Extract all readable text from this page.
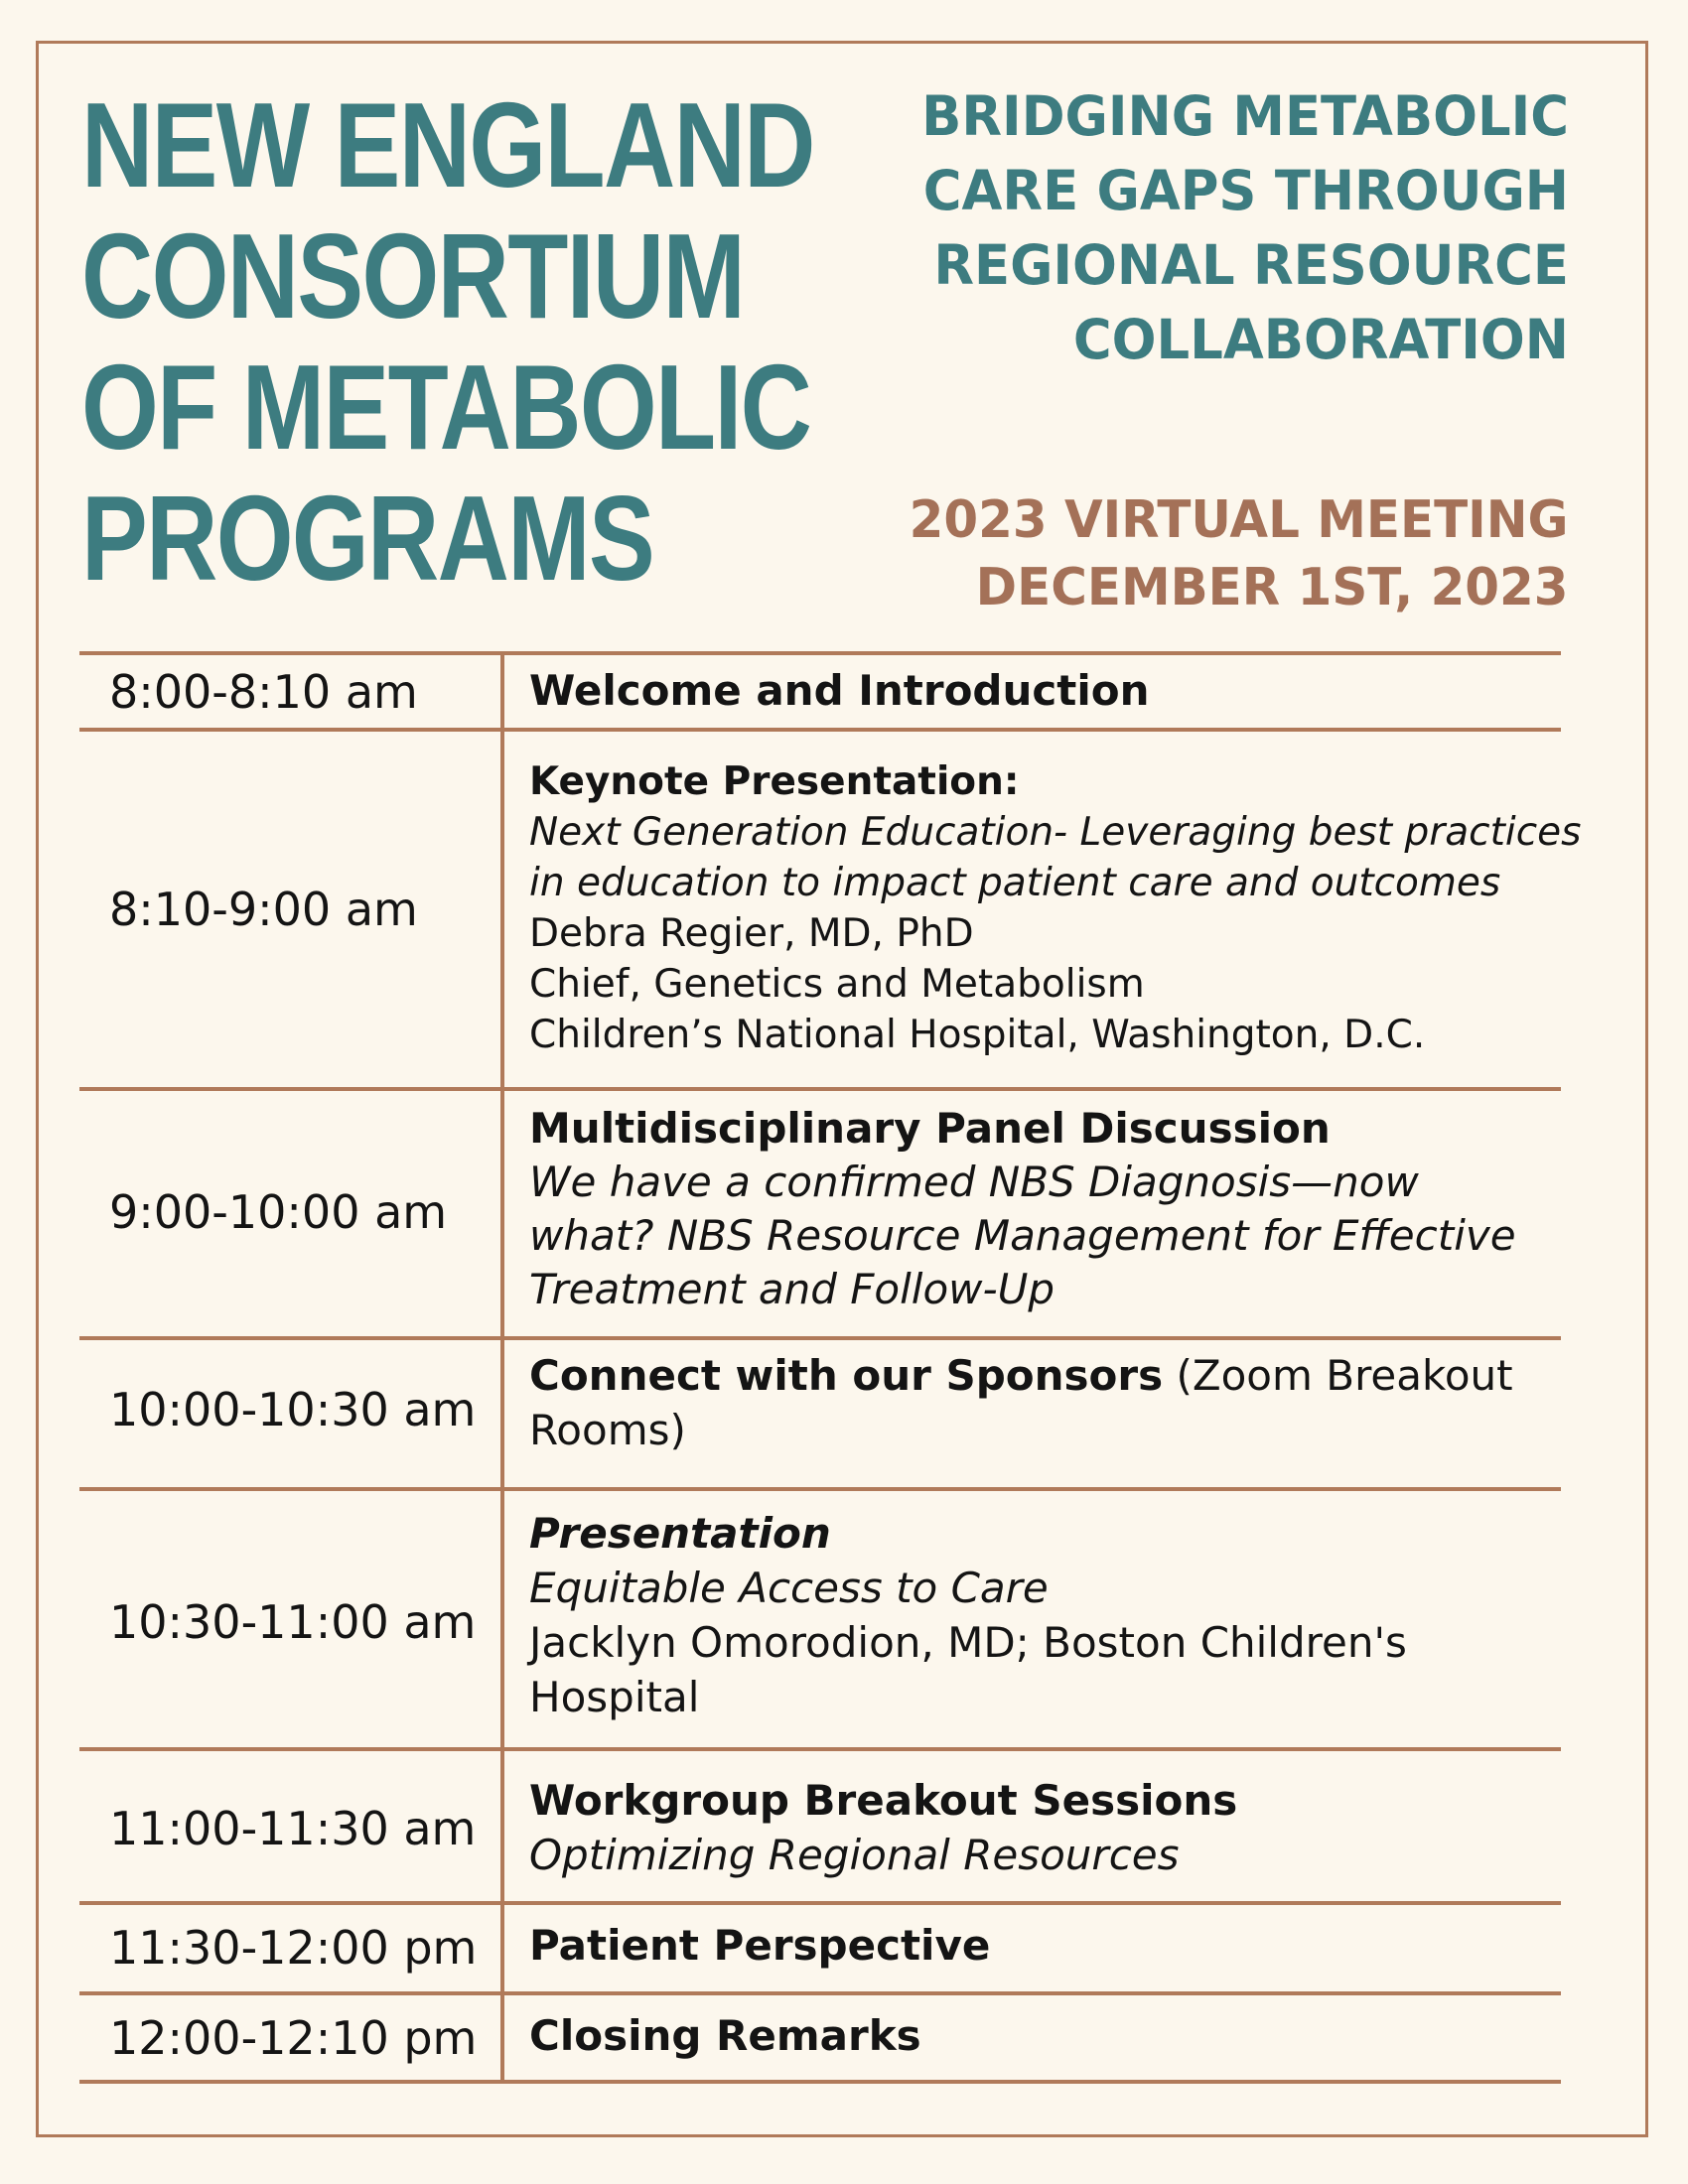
NEW ENGLAND
CONSORTIUM
OF METABOLIC
PROGRAMS
BRIDGING METABOLIC
CARE GAPS THROUGH
REGIONAL RESOURCE
COLLABORATION
2023 VIRTUAL MEETING
DECEMBER 1ST, 2023
8:00-8:10 am	Welcome and Introduction
8:10-9:00 am
Keynote Presentation:
Next Generation Education- Leveraging best practices
in education to impact patient care and outcomes
Debra Regier, MD, PhD
Chief, Genetics and Metabolism
Children’s National Hospital, Washington, D.C.
9:00-10:00 am
Multidisciplinary Panel Discussion
We have a confirmed NBS Diagnosis—now
what? NBS Resource Management for Effective
Treatment and Follow-Up
10:00-10:30 am
Connect with our Sponsors (Zoom Breakout
Rooms)
10:30-11:00 am
Presentation
Equitable Access to Care
Jacklyn Omorodion, MD; Boston Children's
Hospital
11:00-11:30 am
Workgroup Breakout Sessions
Optimizing Regional Resources
11:30-12:00 pm Patient Perspective
12:00-12:10 pm Closing Remarks
